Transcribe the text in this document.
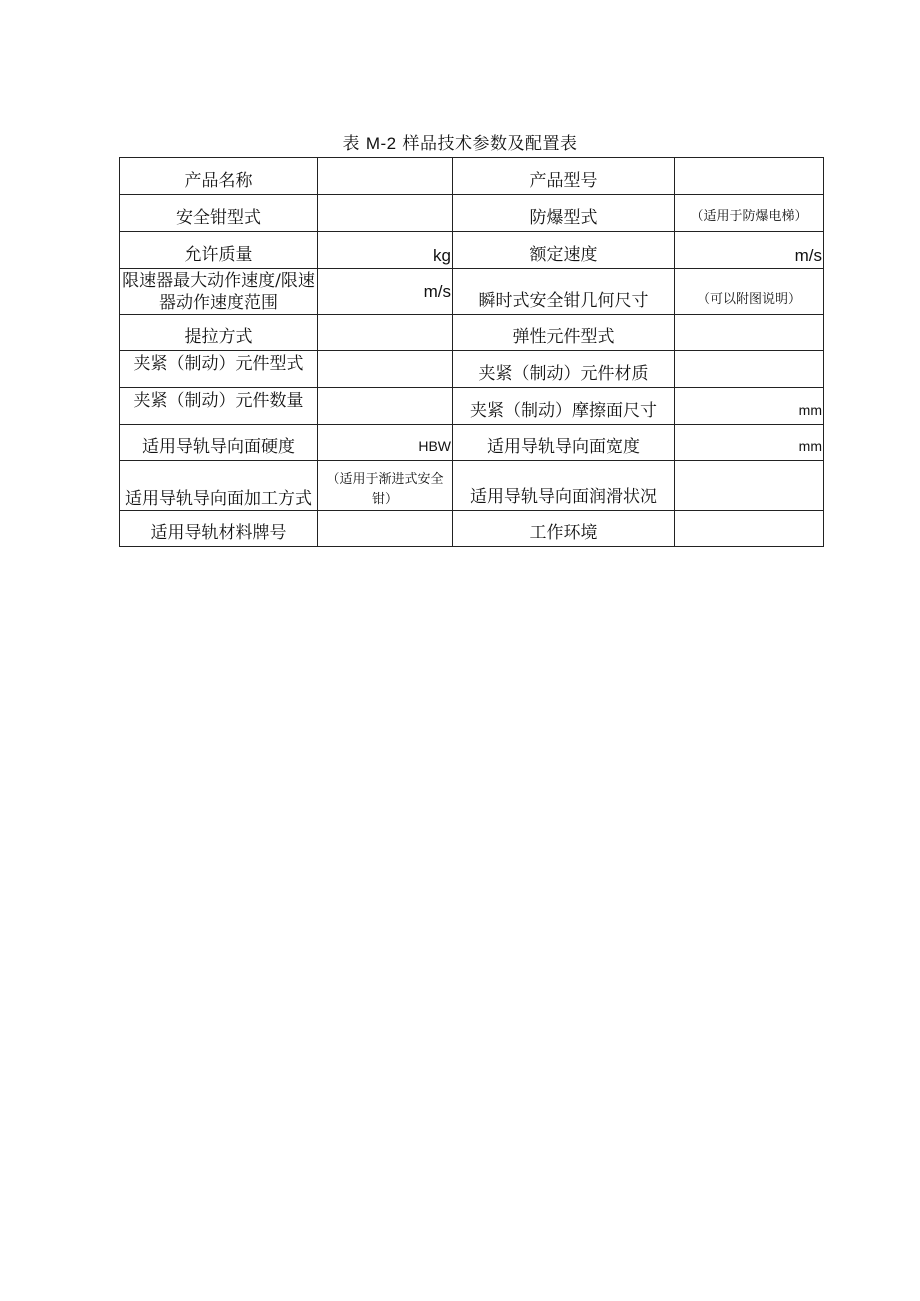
表 M-2 样品技术参数及配置表
产品名称		产品型号	

安全钳型式		防爆型式	（适用于防爆电梯）

允许质量	kg	额定速度	m/s

限速器最大动作速度/限速器动作速度范围	m/s	瞬时式安全钳几何尺寸	（可以附图说明）

提拉方式		弹性元件型式	

夹紧（制动）元件型式		夹紧（制动）元件材质	

夹紧（制动）元件数量		夹紧（制动）摩擦面尺寸	mm

适用导轨导向面硬度	HBW	适用导轨导向面宽度	mm

适用导轨导向面加工方式	（适用于渐进式安全钳）	适用导轨导向面润滑状况	

适用导轨材料牌号		工作环境	
